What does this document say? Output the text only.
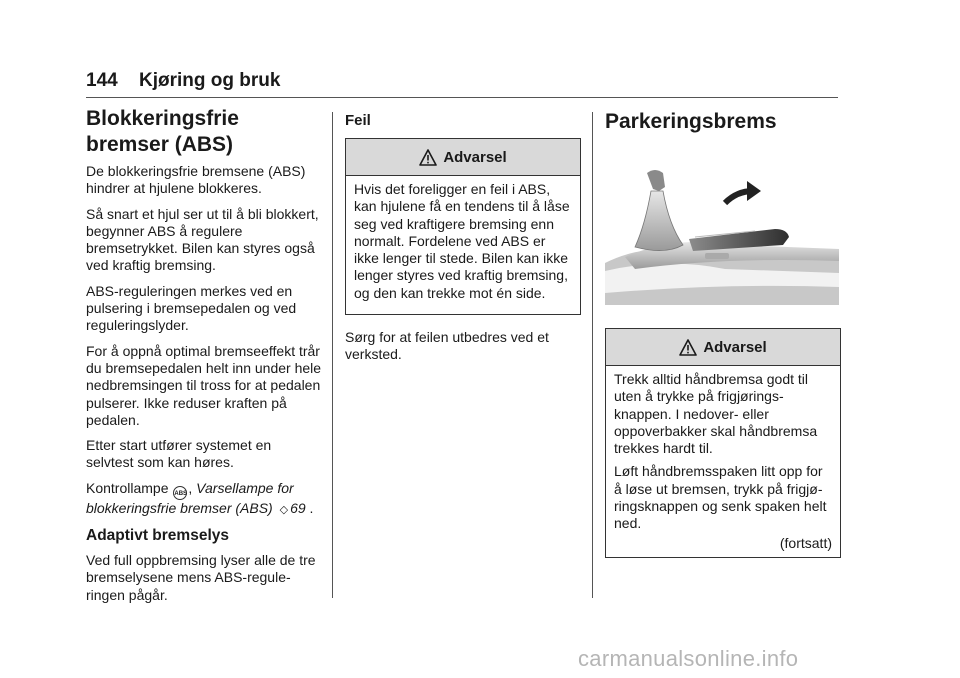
144 Kjøring og bruk
Blokkeringsfrie
bremser (ABS)

De blokkeringsfrie bremsene (ABS) hindrer at hjulene blokkeres.

Så snart et hjul ser ut til å bli blokkert, begynner ABS å regulere bremsetrykket. Bilen kan styres også ved kraftig bremsing.

ABS-reguleringen merkes ved en pulsering i bremsepedalen og ved reguleringslyder.

For å oppnå optimal bremseeffekt trår du bremsepedalen helt inn under hele nedbremsingen til tross for at pedalen pulserer. Ikke reduser kraften på pedalen.

Etter start utfører systemet en selvtest som kan høres.

Kontrollampe ABS, Varsellampe for blokkeringsfrie bremser (ABS) ◇ 69 .

Adaptivt bremselys

Ved full oppbremsing lyser alle de tre bremselysene mens ABS-regule-ringen pågår.

Feil
Advarsel

Hvis det foreligger en feil i ABS, kan hjulene få en tendens til å låse seg ved kraftigere bremsing enn normalt. Fordelene ved ABS er ikke lenger til stede. Bilen kan ikke lenger styres ved kraftig bremsing, og den kan trekke mot én side.

Sørg for at feilen utbedres ved et verksted.

Parkeringsbrems
Advarsel

Trekk alltid håndbremsa godt til uten å trykke på frigjørings-knappen. I nedover- eller oppoverbakker skal håndbremsa trekkes hardt til.

Løft håndbremsspaken litt opp for å løse ut bremsen, trykk på frigjø-ringsknappen og senk spaken helt ned.

(fortsatt)
carmanualsonline.info
